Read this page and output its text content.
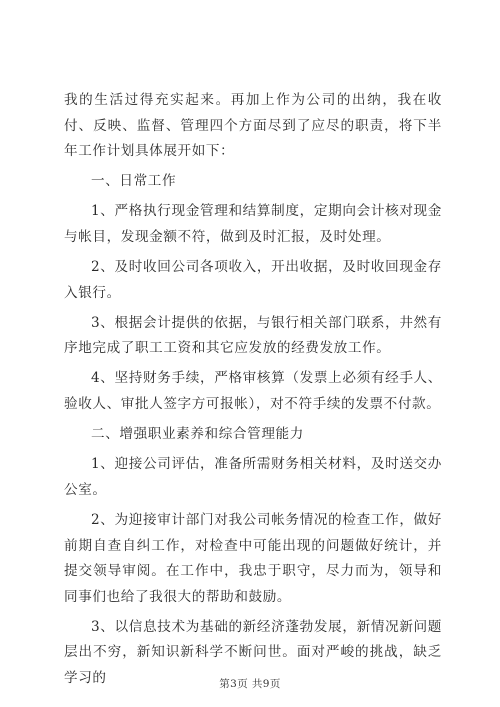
我的生活过得充实起来。再加上作为公司的出纳，我在收付、反映、监督、管理四个方面尽到了应尽的职责，将下半年工作计划具体展开如下：

一、日常工作

1、严格执行现金管理和结算制度，定期向会计核对现金与帐目，发现金额不符，做到及时汇报，及时处理。

2、及时收回公司各项收入，开出收据，及时收回现金存入银行。

3、根据会计提供的依据，与银行相关部门联系，井然有序地完成了职工工资和其它应发放的经费发放工作。

4、坚持财务手续，严格审核算（发票上必须有经手人、验收人、审批人签字方可报帐），对不符手续的发票不付款。

二、增强职业素养和综合管理能力

1、迎接公司评估，准备所需财务相关材料，及时送交办公室。

2、为迎接审计部门对我公司帐务情况的检查工作，做好前期自查自纠工作，对检查中可能出现的问题做好统计，并提交领导审阅。在工作中，我忠于职守，尽力而为，领导和同事们也给了我很大的帮助和鼓励。

3、以信息技术为基础的新经济蓬勃发展，新情况新问题层出不穷，新知识新科学不断问世。面对严峻的挑战，缺乏学习的	第3页 共9页
